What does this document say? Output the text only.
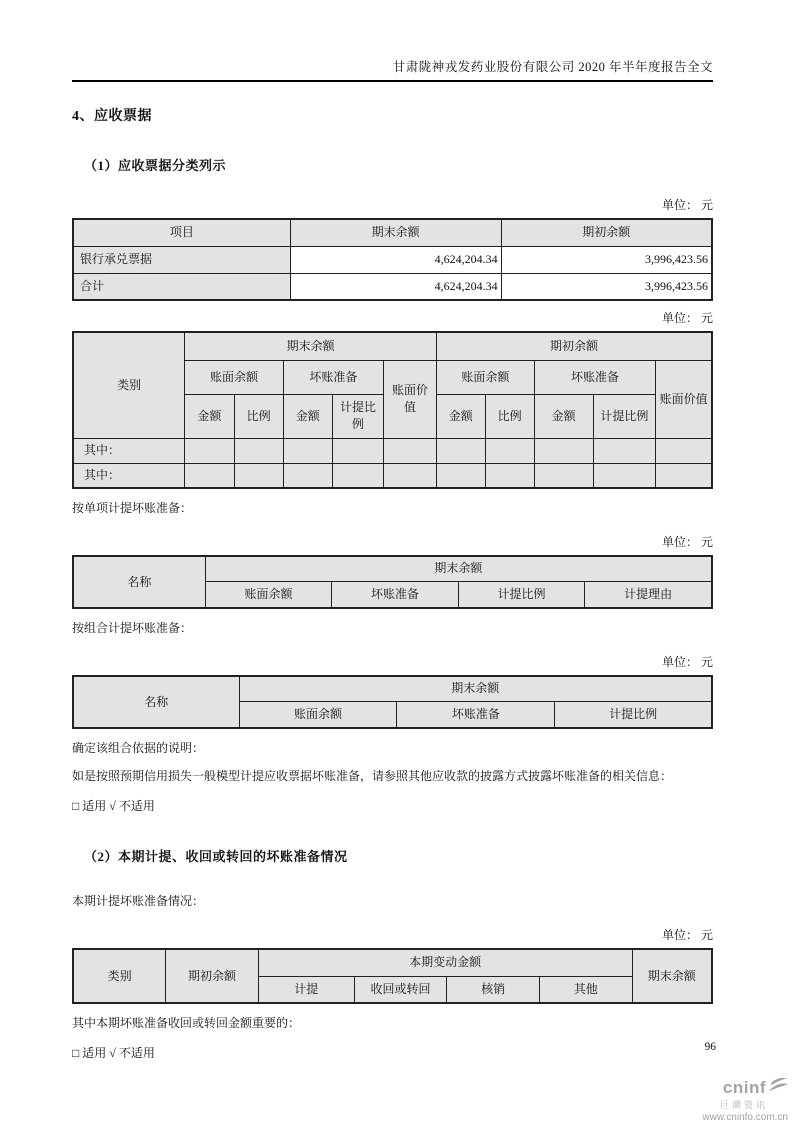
甘肃陇神戎发药业股份有限公司 2020 年半年度报告全文
4、应收票据
（1）应收票据分类列示
单位： 元
项目	期末余额	期初余额
银行承兑票据	4,624,204.34	3,996,423.56
合计	4,624,204.34	3,996,423.56
单位： 元
类别	期末余额					期初余额				
	账面余额		坏账准备		账面价值	账面余额		坏账准备		账面价值
	金额	比例	金额	计提比例		金额	比例	金额	计提比例	
其中：										
其中：										
按单项计提坏账准备：
单位： 元
名称	期末余额			
	账面余额	坏账准备	计提比例	计提理由
按组合计提坏账准备：
单位： 元
名称	期末余额		
	账面余额	坏账准备	计提比例
确定该组合依据的说明：
如是按照预期信用损失一般模型计提应收票据坏账准备，请参照其他应收款的披露方式披露坏账准备的相关信息：
□ 适用 √ 不适用
（2）本期计提、收回或转回的坏账准备情况
本期计提坏账准备情况：
单位： 元
类别	期初余额	本期变动金额				期末余额
		计提	收回或转回	核销	其他	
其中本期坏账准备收回或转回金额重要的：
□ 适用 √ 不适用	96
cninf
巨潮资讯
www.cninfo.com.cn
